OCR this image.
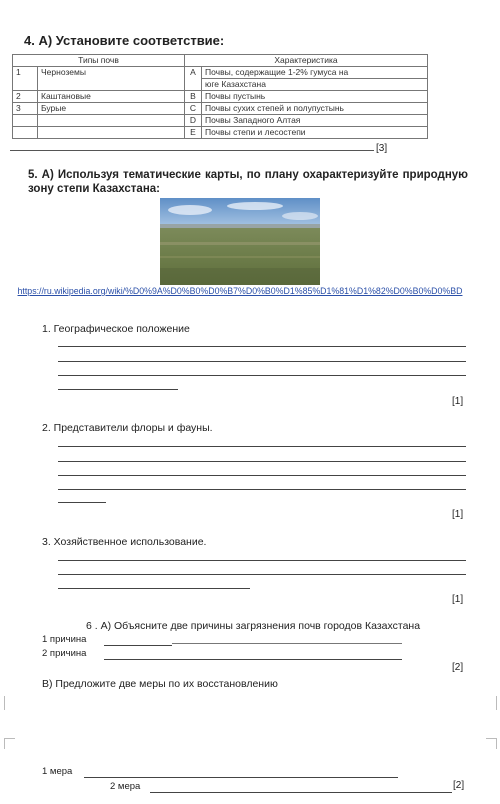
4. А) Установите соответствие:
Типы почв		Характеристика	
1	Черноземы	A	Почвы, содержащие 1-2% гумуса на
			юге Казахстана
2	Каштановые	B	Почвы пустынь
3	Бурые	C	Почвы сухих степей и полупустынь
		D	Почвы Западного Алтая
		E	Почвы степи и лесостепи
[3]
5. А) Используя тематические карты, по плану охарактеризуйте природную зону степи Казахстана:
https://ru.wikipedia.org/wiki/%D0%9A%D0%B0%D0%B7%D0%B0%D1%85%D1%81%D1%82%D0%B0%D0%BD
1. Географическое положение
[1]
2. Представители флоры и фауны.
[1]
3. Хозяйственное использование.
[1]
6 . А) Объясните две причины загрязнения почв городов Казахстана
1 причина
2 причина
[2]
В) Предложите две меры по их восстановлению
1 мера
2 мера	[2]
